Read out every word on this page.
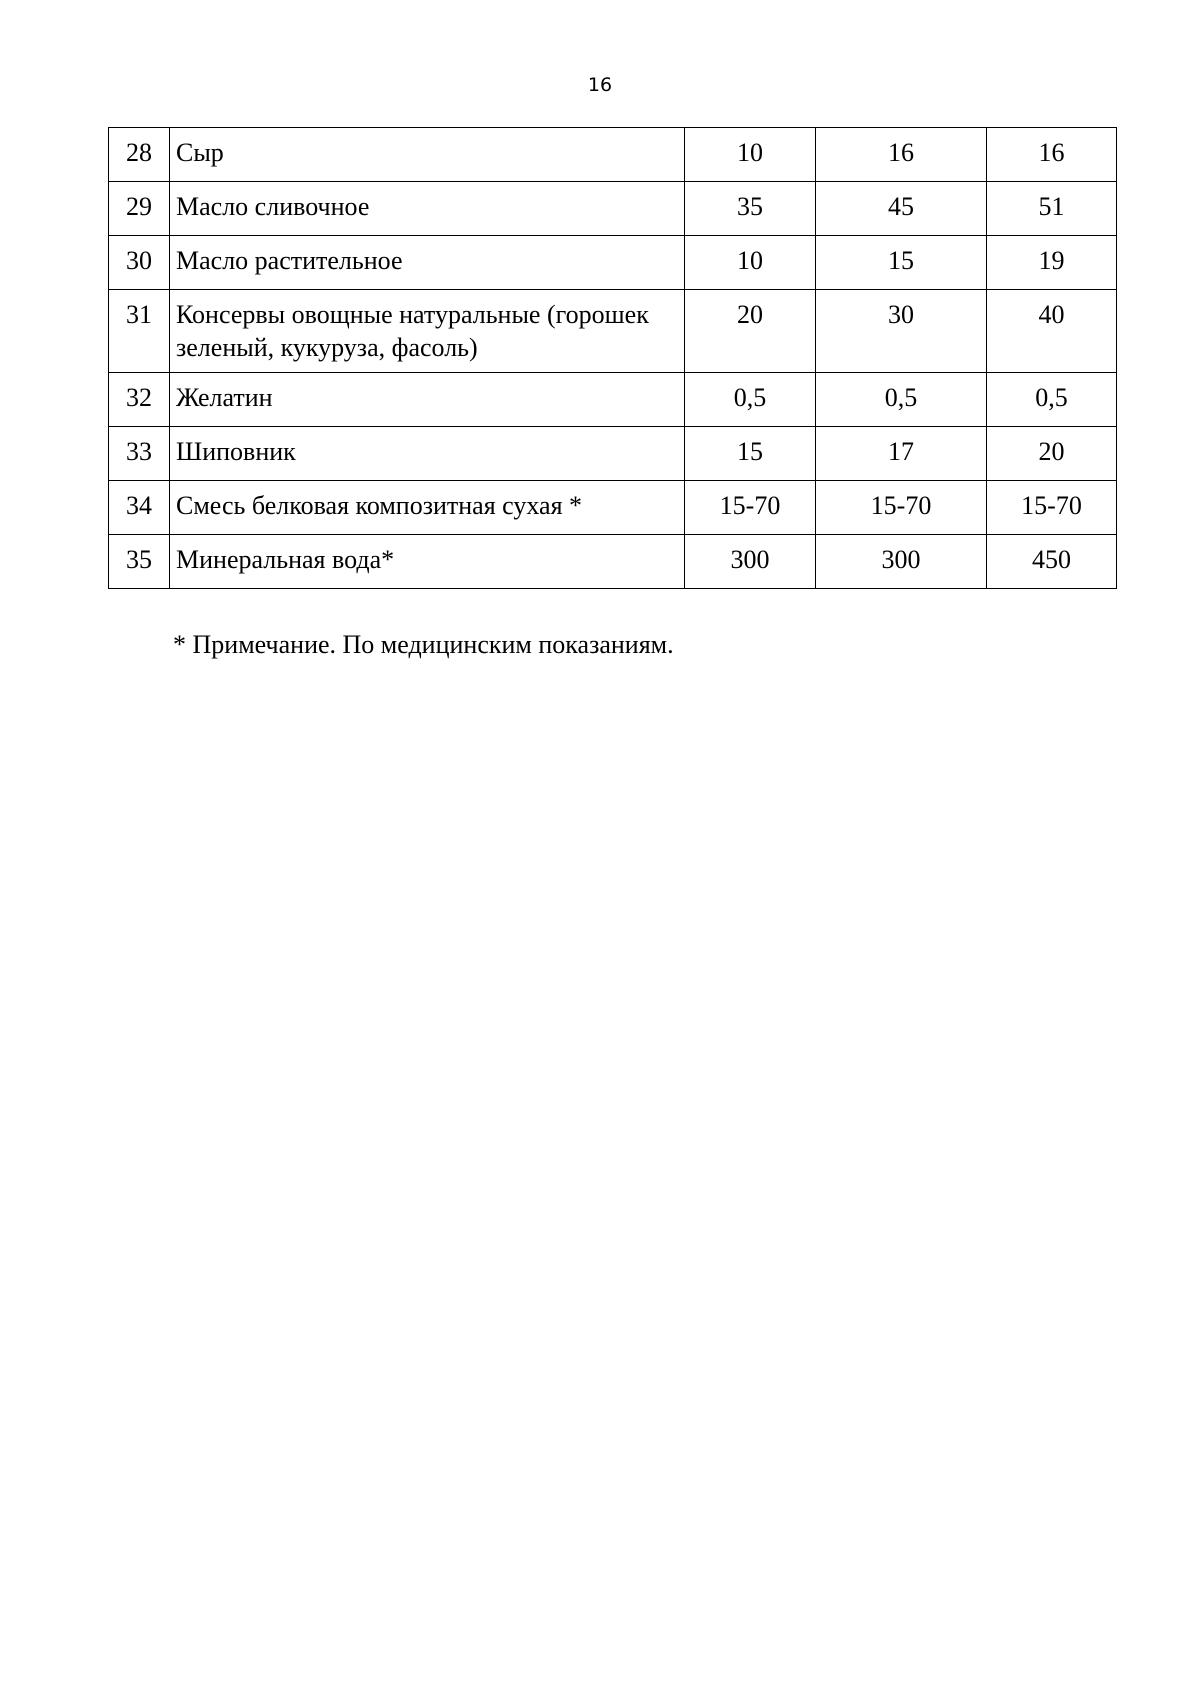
16
28	Сыр	10	16	16
29	Масло сливочное	35	45	51
30	Масло растительное	10	15	19
31	Консервы овощные натуральные (горошек зеленый, кукуруза, фасоль)	20	30	40
32	Желатин	0,5	0,5	0,5
33	Шиповник	15	17	20
34	Смесь белковая композитная сухая *	15-70	15-70	15-70
35	Минеральная вода*	300	300	450
* Примечание. По медицинским показаниям.
